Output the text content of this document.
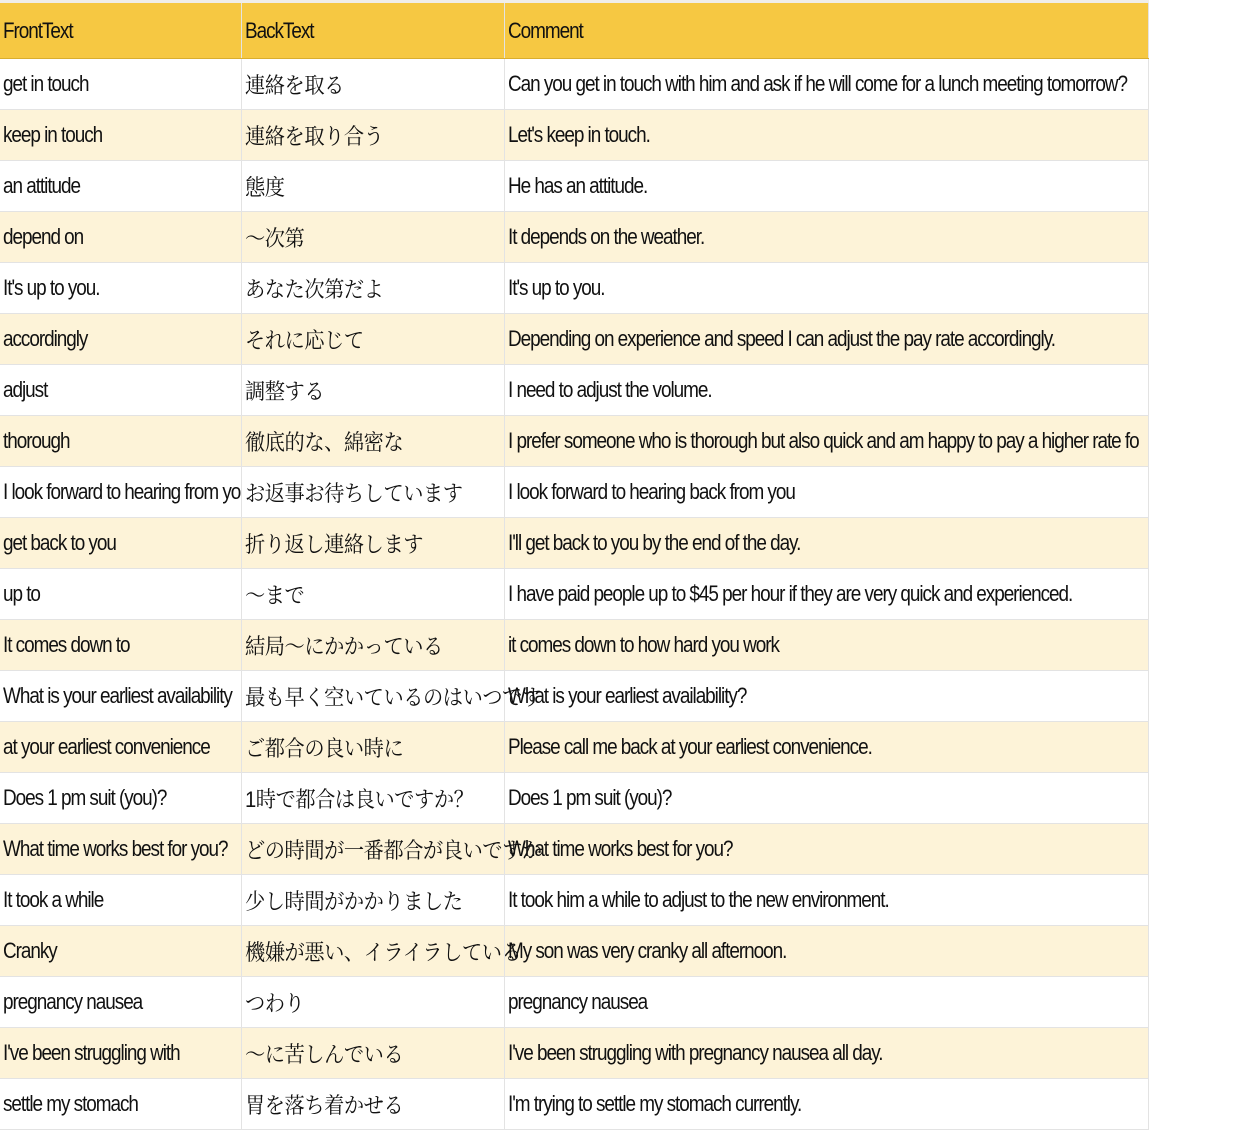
FrontText	BackText	Comment
get in touch	連絡を取る	Can you get in touch with him and ask if he will come for a lunch meeting tomorrow?
keep in touch	連絡を取り合う	Let's keep in touch.
an attitude	態度	He has an attitude.
depend on	～次第	It depends on the weather.
It's up to you.	あなた次第だよ	It's up to you.
accordingly	それに応じて	Depending on experience and speed I can adjust the pay rate accordingly.
adjust	調整する	I need to adjust the volume.
thorough	徹底的な、綿密な	I prefer someone who is thorough but also quick and am happy to pay a higher rate fo
I look forward to hearing from yo	お返事お待ちしています	I look forward to hearing back from you
get back to you	折り返し連絡します	I'll get back to you by the end of the day.
up to	～まで	I have paid people up to $45 per hour if they are very quick and experienced.
It comes down to	結局～にかかっている	it comes down to how hard you work
What is your earliest availability	最も早く空いているのはいつです	What is your earliest availability?
at your earliest convenience	ご都合の良い時に	Please call me back at your earliest convenience.
Does 1 pm suit (you)?	1時で都合は良いですか？	Does 1 pm suit (you)?
What time works best for you?	どの時間が一番都合が良いですか	What time works best for you?
It took a while	少し時間がかかりました	It took him a while to adjust to the new environment.
Cranky	機嫌が悪い、イライラしている	My son was very cranky all afternoon.
pregnancy nausea	つわり	pregnancy nausea
I've been struggling with	～に苦しんでいる	I've been struggling with pregnancy nausea all day.
settle my stomach	胃を落ち着かせる	I'm trying to settle my stomach currently.
